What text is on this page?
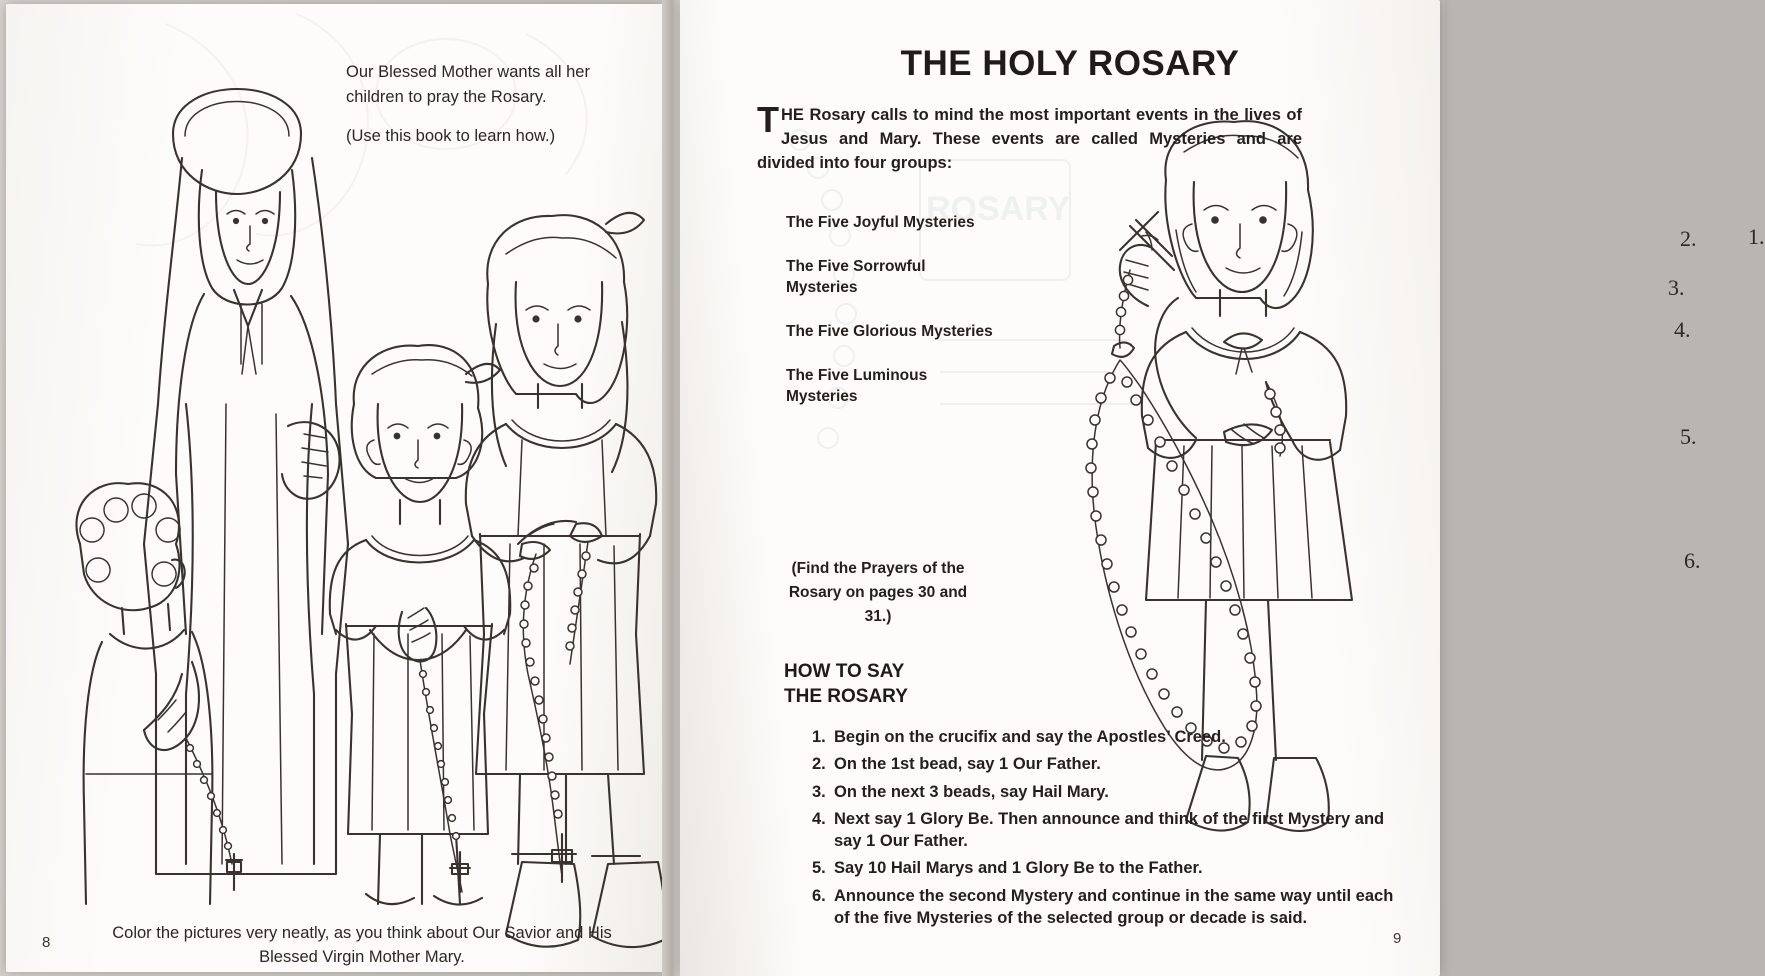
Our Blessed Mother wants all her children to pray the Rosary.

(Use this book to learn how.)

Color the pictures very neatly, as you think about Our Savior and His Blessed Virgin Mother Mary.
8
ROSARY
1.
2.
3.
4.
5.
6.
THE HOLY ROSARY
THE Rosary calls to mind the most important events in the lives of Jesus and Mary. These events are called Mysteries and are divided into four groups:
The Five Joyful Mysteries
The Five Sorrowful Mysteries
The Five Glorious Mysteries
The Five Luminous Mysteries
(Find the Prayers of the Rosary on pages 30 and 31.)
HOW TO SAY
THE ROSARY
1. Begin on the crucifix and say the Apostles’ Creed.
2. On the 1st bead, say 1 Our Father.
3. On the next 3 beads, say Hail Mary.
4. Next say 1 Glory Be. Then announce and think of the first Mystery and say 1 Our Father.
5. Say 10 Hail Marys and 1 Glory Be to the Father.
6. Announce the second Mystery and continue in the same way until each of the five Mysteries of the selected group or decade is said.
9
